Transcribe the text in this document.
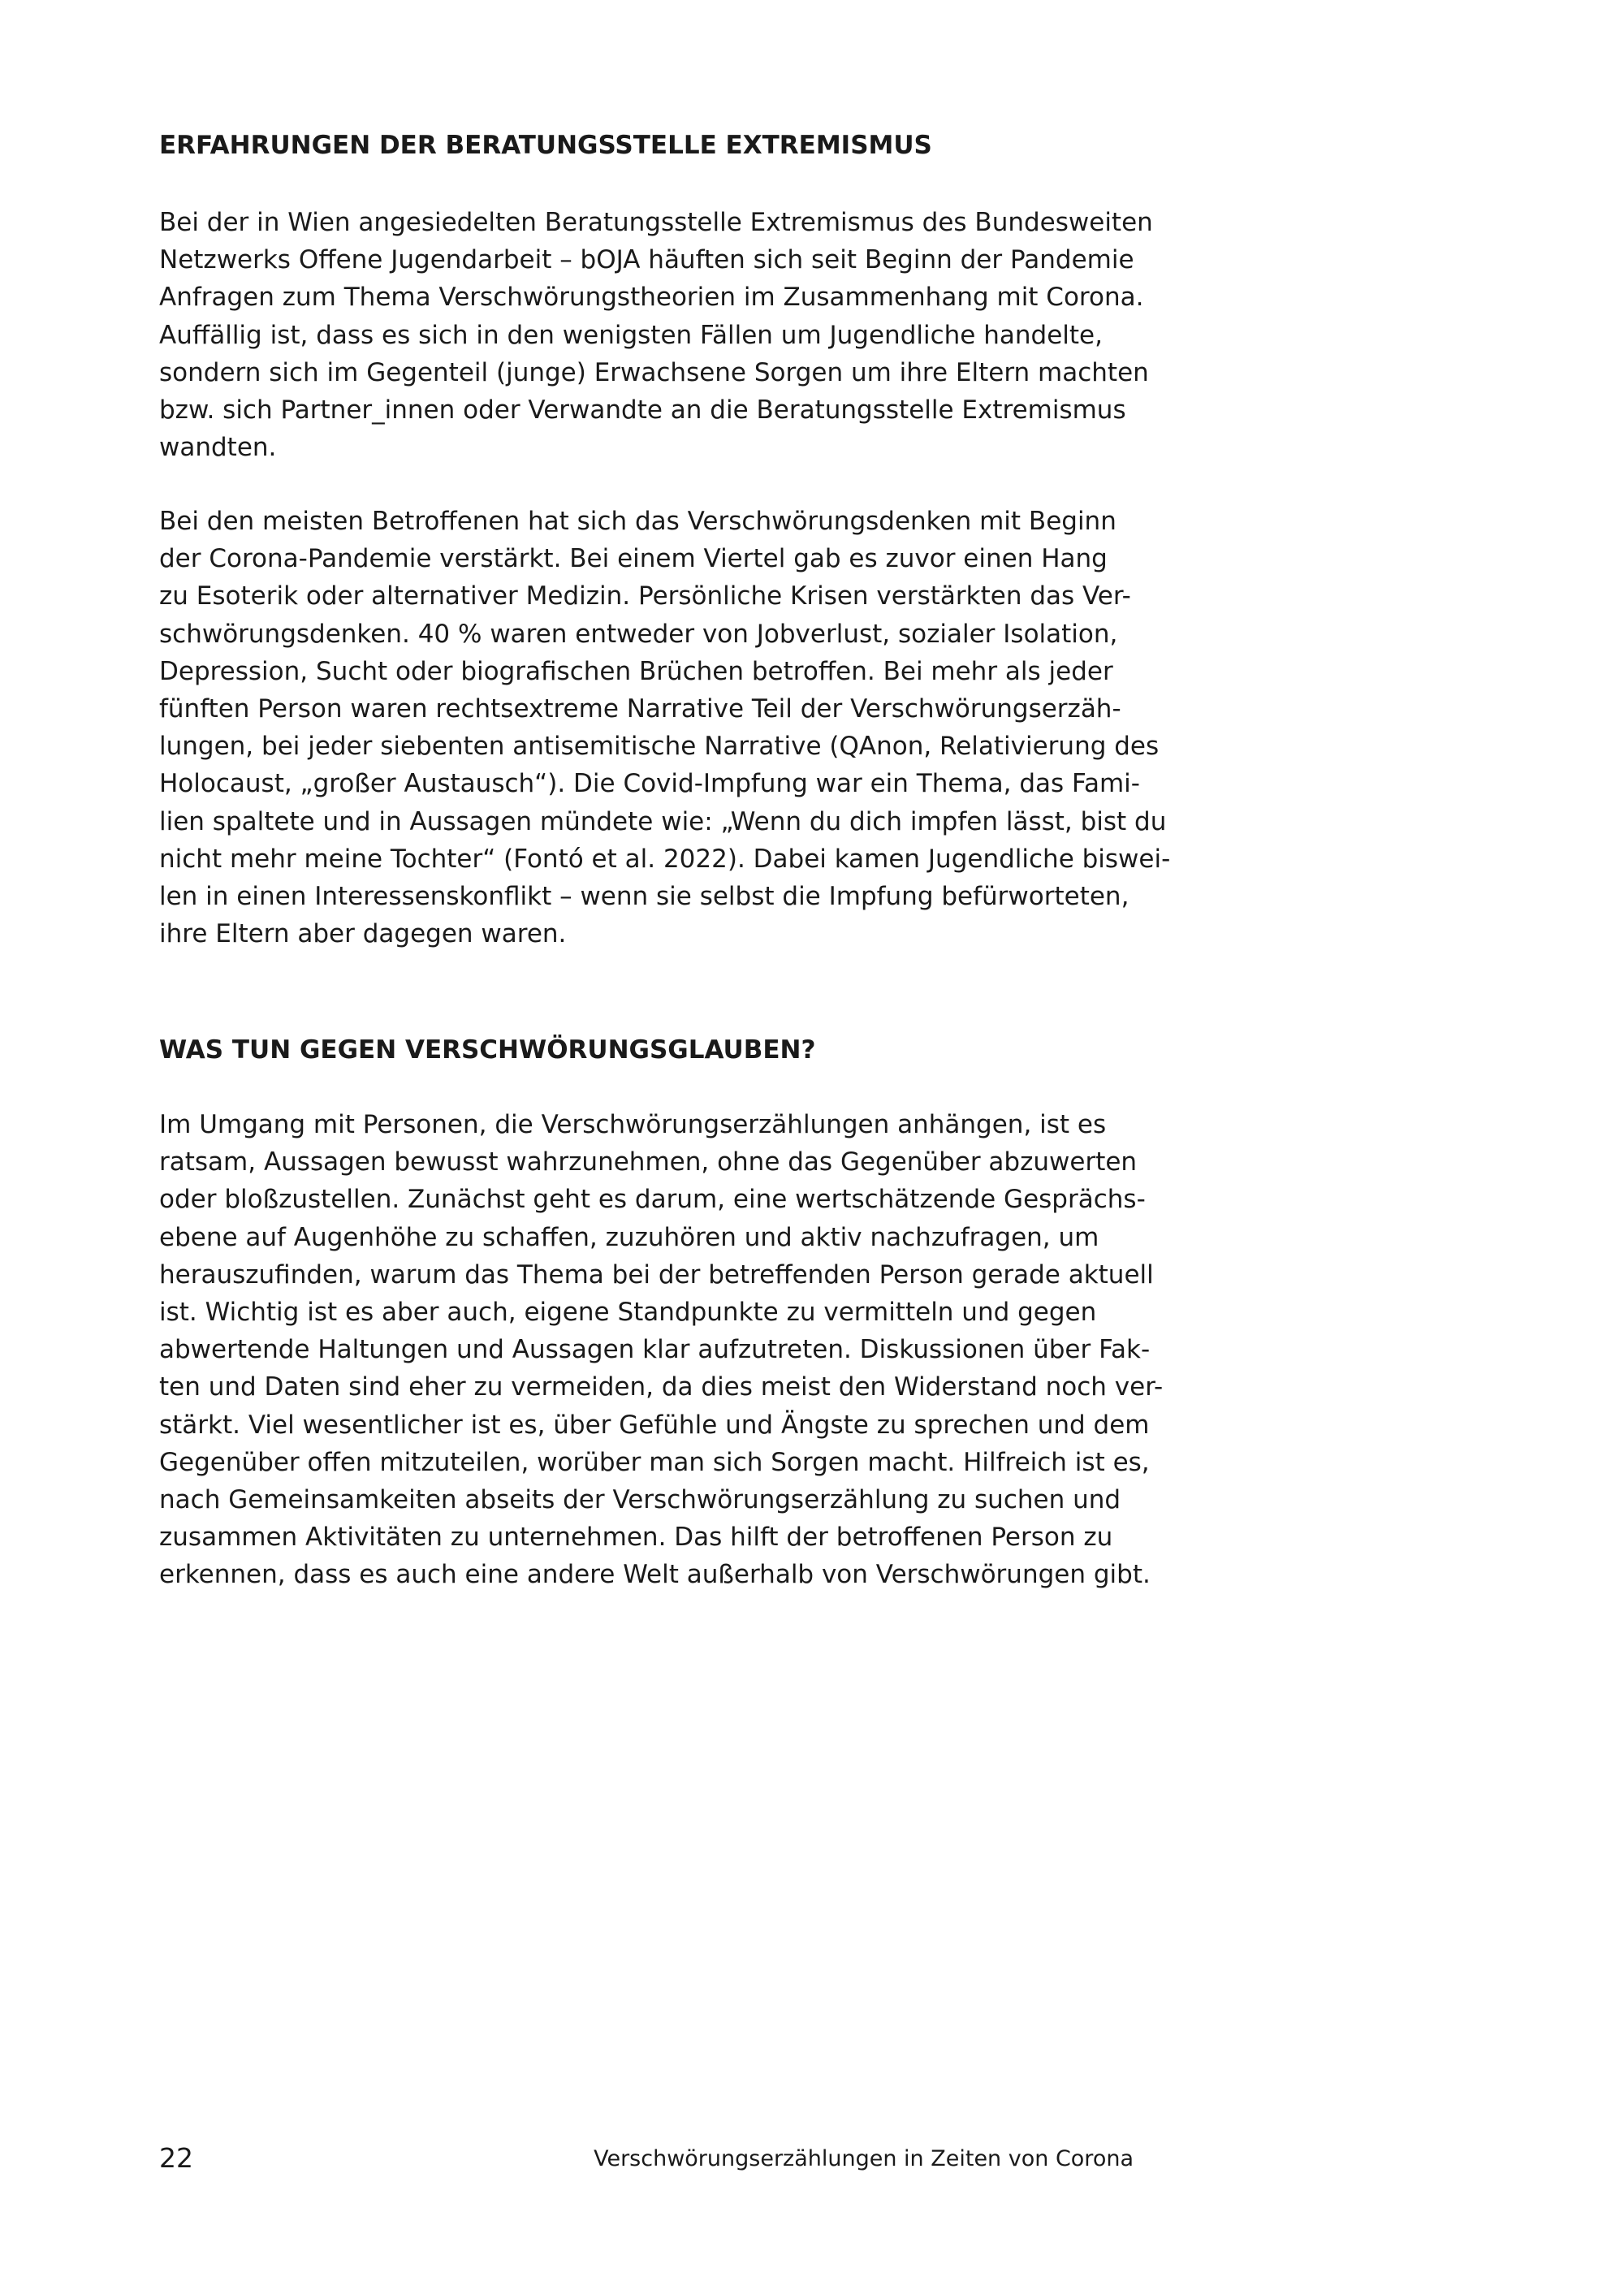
ERFAHRUNGEN DER BERATUNGSSTELLE EXTREMISMUS

Bei der in Wien angesiedelten Beratungsstelle Extremismus des Bundesweiten
Netzwerks Offene Jugendarbeit – bOJA häuften sich seit Beginn der Pandemie
Anfragen zum Thema Verschwörungstheorien im Zusammenhang mit Corona.
Auffällig ist, dass es sich in den wenigsten Fällen um Jugendliche handelte,
sondern sich im Gegenteil (junge) Erwachsene Sorgen um ihre Eltern machten
bzw. sich Partner_innen oder Verwandte an die Beratungsstelle Extremismus
wandten.

Bei den meisten Betroffenen hat sich das Verschwörungsdenken mit Beginn
der Corona-Pandemie verstärkt. Bei einem Viertel gab es zuvor einen Hang
zu Esoterik oder alternativer Medizin. Persönliche Krisen verstärkten das Ver-
schwörungsdenken. 40 % waren entweder von Jobverlust, sozialer Isolation,
Depression, Sucht oder biografischen Brüchen betroffen. Bei mehr als jeder
fünften Person waren rechtsextreme Narrative Teil der Verschwörungserzäh-
lungen, bei jeder siebenten antisemitische Narrative (QAnon, Relativierung des
Holocaust, „großer Austausch“). Die Covid-Impfung war ein Thema, das Fami-
lien spaltete und in Aussagen mündete wie: „Wenn du dich impfen lässt, bist du
nicht mehr meine Tochter“ (Fontó et al. 2022). Dabei kamen Jugendliche biswei-
len in einen Interessenskonflikt – wenn sie selbst die Impfung befürworteten,
ihre Eltern aber dagegen waren.

WAS TUN GEGEN VERSCHWÖRUNGSGLAUBEN?

Im Umgang mit Personen, die Verschwörungserzählungen anhängen, ist es
ratsam, Aussagen bewusst wahrzunehmen, ohne das Gegenüber abzuwerten
oder bloßzustellen. Zunächst geht es darum, eine wertschätzende Gesprächs-
ebene auf Augenhöhe zu schaffen, zuzuhören und aktiv nachzufragen, um
herauszufinden, warum das Thema bei der betreffenden Person gerade aktuell
ist. Wichtig ist es aber auch, eigene Standpunkte zu vermitteln und gegen
abwertende Haltungen und Aussagen klar aufzutreten. Diskussionen über Fak-
ten und Daten sind eher zu vermeiden, da dies meist den Widerstand noch ver-
stärkt. Viel wesentlicher ist es, über Gefühle und Ängste zu sprechen und dem
Gegenüber offen mitzuteilen, worüber man sich Sorgen macht. Hilfreich ist es,
nach Gemeinsamkeiten abseits der Verschwörungserzählung zu suchen und
zusammen Aktivitäten zu unternehmen. Das hilft der betroffenen Person zu
erkennen, dass es auch eine andere Welt außerhalb von Verschwörungen gibt.

22	Verschwörungserzählungen in Zeiten von Corona
